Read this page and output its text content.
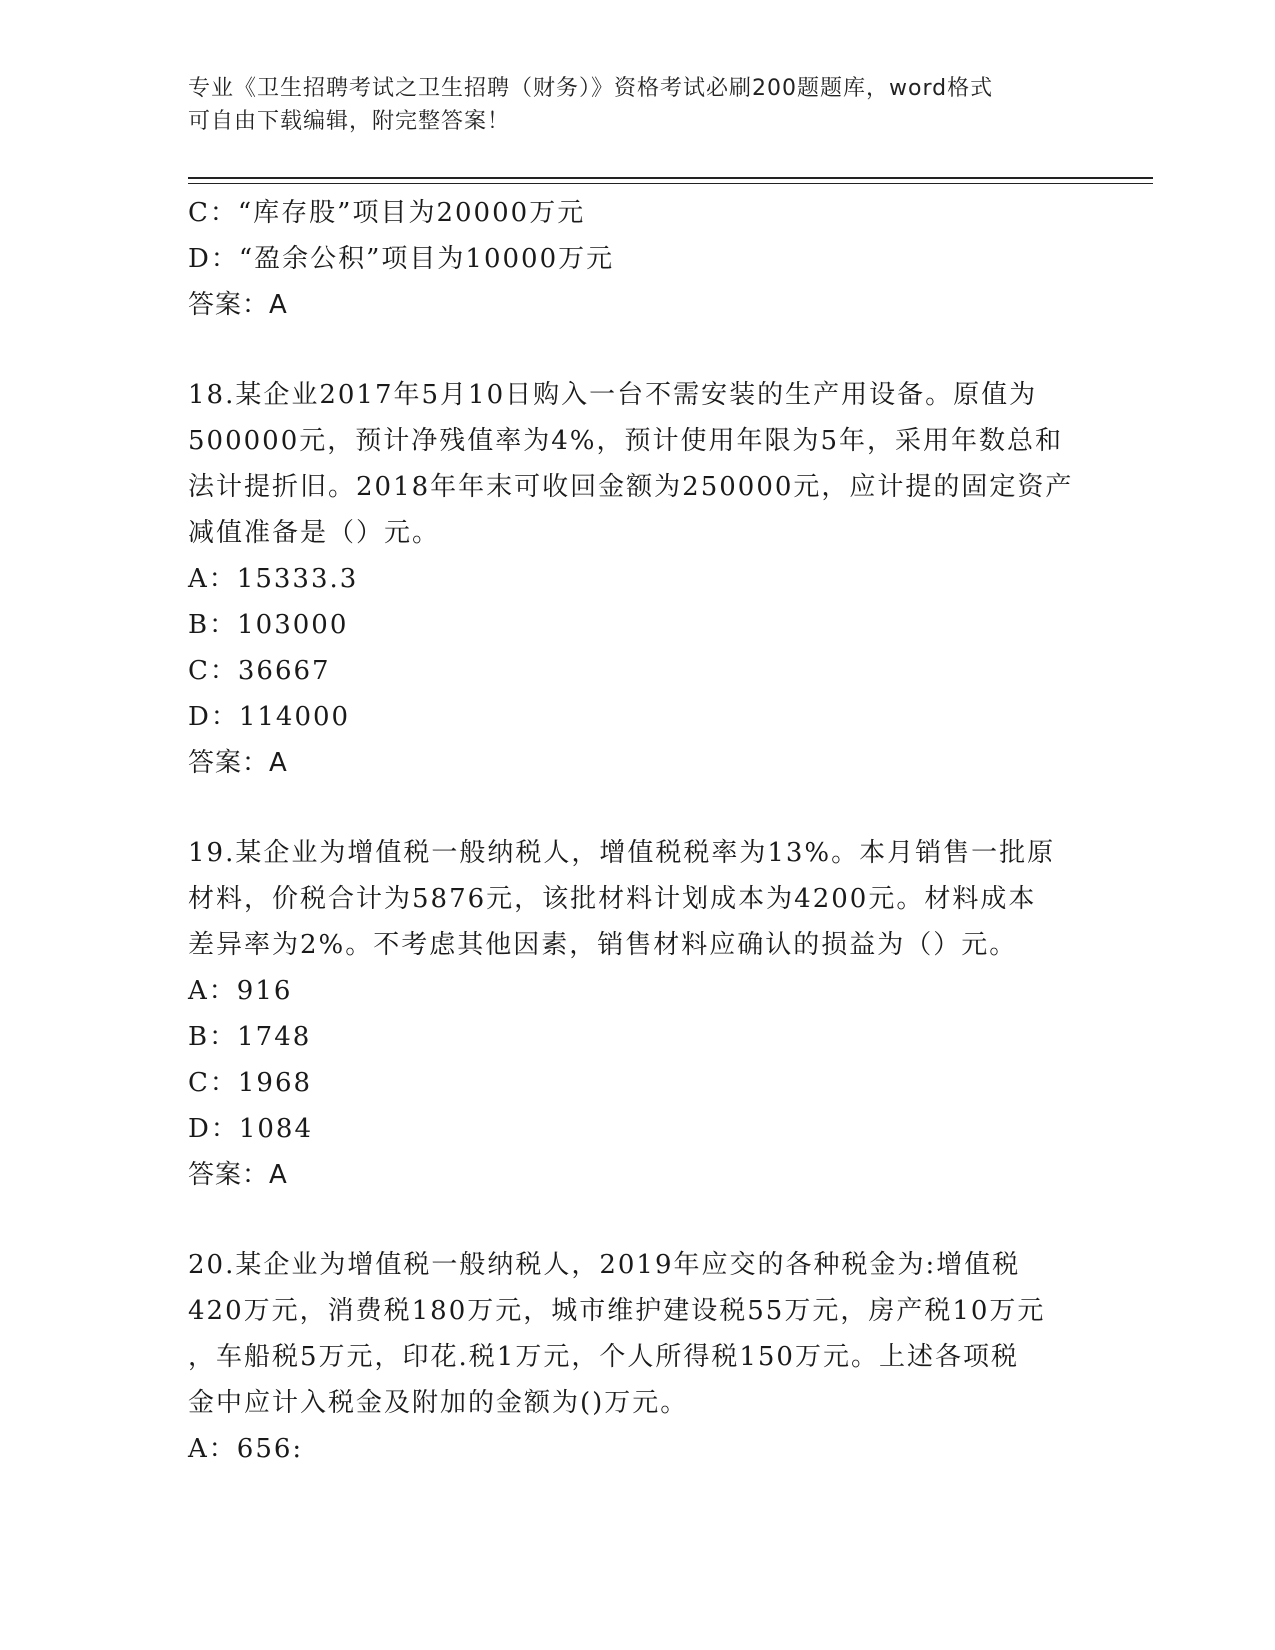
专业《卫生招聘考试之卫生招聘（财务）》资格考试必刷200题题库，word格式
可自由下载编辑，附完整答案！
C：“库存股”项目为20000万元
D：“盈余公积”项目为10000万元
答案：A
18.某企业2017年5月10日购入一台不需安装的生产用设备。原值为
500000元，预计净残值率为4%，预计使用年限为5年，采用年数总和
法计提折旧。2018年年末可收回金额为250000元，应计提的固定资产
减值准备是（）元。
A：15333.3
B：103000
C：36667
D：114000
答案：A
19.某企业为增值税一般纳税人，增值税税率为13%。本月销售一批原
材料，价税合计为5876元，该批材料计划成本为4200元。材料成本
差异率为2%。不考虑其他因素，销售材料应确认的损益为（）元。
A：916
B：1748
C：1968
D：1084
答案：A
20.某企业为增值税一般纳税人，2019年应交的各种税金为:增值税
420万元，消费税180万元，城市维护建设税55万元，房产税10万元
，车船税5万元，印花.税1万元，个人所得税150万元。上述各项税
金中应计入税金及附加的金额为()万元。
A：656:
